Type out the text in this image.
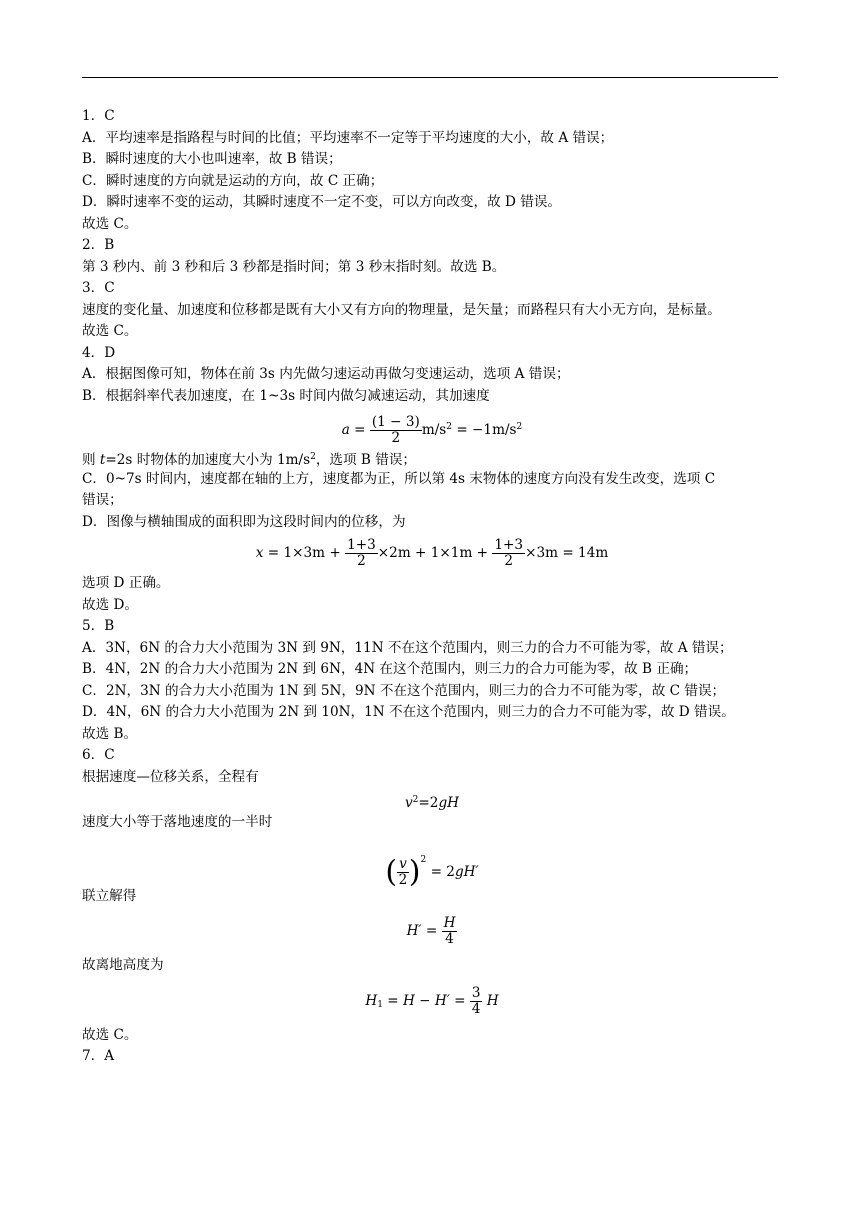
1．C
A．平均速率是指路程与时间的比值；平均速率不一定等于平均速度的大小，故 A 错误；
B．瞬时速度的大小也叫速率，故 B 错误；
C．瞬时速度的方向就是运动的方向，故 C 正确；
D．瞬时速率不变的运动，其瞬时速度不一定不变，可以方向改变，故 D 错误。
故选 C。
2．B
第 3 秒内、前 3 秒和后 3 秒都是指时间；第 3 秒末指时刻。故选 B。
3．C
速度的变化量、加速度和位移都是既有大小又有方向的物理量，是矢量；而路程只有大小无方向，是标量。
故选 C。
4．D
A．根据图像可知，物体在前 3s 内先做匀速运动再做匀变速运动，选项 A 错误；
B．根据斜率代表加速度，在 1~3s 时间内做匀减速运动，其加速度
$a = \frac{(1 - 3)}{2} m/s^2 = -1m/s^2$
则 t=2s 时物体的加速度大小为 $1m/s^2$，选项 B 错误；
C．0~7s 时间内，速度都在轴的上方，速度都为正，所以第 4s 末物体的速度方向没有发生改变，选项 C
错误；
D．图像与横轴围成的面积即为这段时间内的位移，为
$x = 1\times 3m + \frac{1+3}{2} \times 2m + 1\times 1m + \frac{1+3}{2} \times 3m = 14m$
选项 D 正确。
故选 D。
5．B
A．3N，6N 的合力大小范围为 3N 到 9N，11N 不在这个范围内，则三力的合力不可能为零，故 A 错误；
B．4N，2N 的合力大小范围为 2N 到 6N，4N 在这个范围内，则三力的合力可能为零，故 B 正确；
C．2N，3N 的合力大小范围为 1N 到 5N，9N 不在这个范围内，则三力的合力不可能为零，故 C 错误；
D．4N，6N 的合力大小范围为 2N 到 10N，1N 不在这个范围内，则三力的合力不可能为零，故 D 错误。
故选 B。
6．C
根据速度—位移关系，全程有
$v^2=2gH$
速度大小等于落地速度的一半时
( $\frac{v}{2} )^2 = 2gH'$
联立解得
$H' = \frac{H}{4}$
故离地高度为
$H_1 = H - H' = \frac{3}{4}$ H
故选 C。
7．A
